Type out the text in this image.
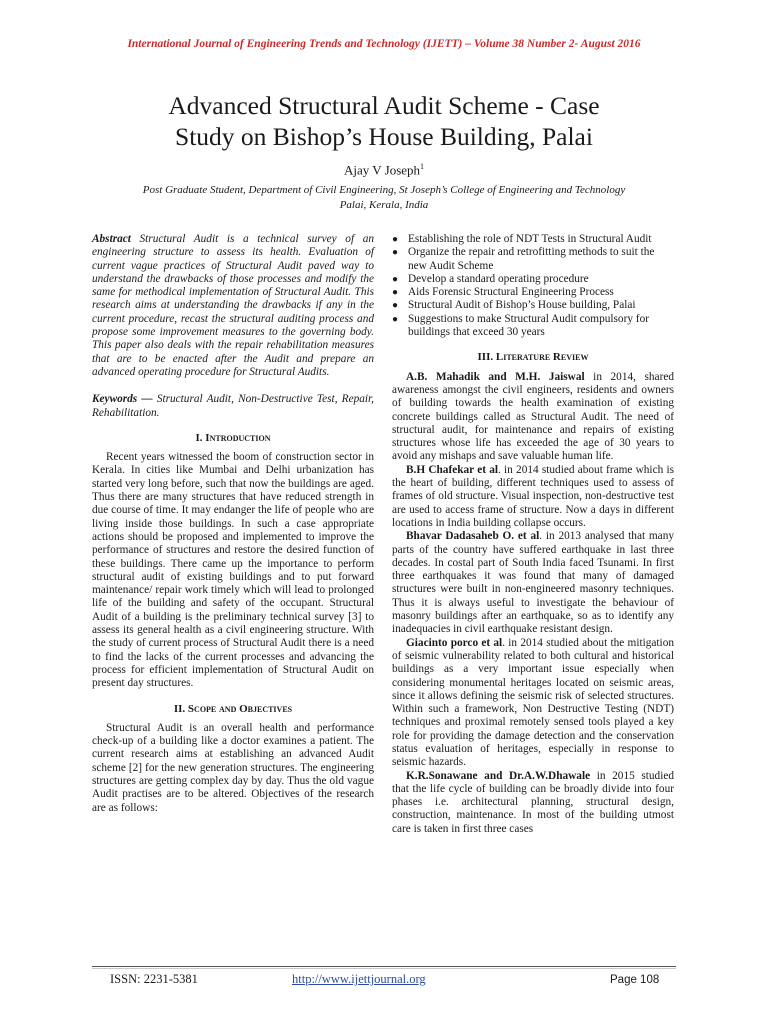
International Journal of Engineering Trends and Technology (IJETT) – Volume 38 Number 2- August 2016
Advanced Structural Audit Scheme - Case
Study on Bishop’s House Building, Palai
Ajay V Joseph$^1$
Post Graduate Student, Department of Civil Engineering, St Joseph’s College of Engineering and Technology
Palai, Kerala, India

Abstract Structural Audit is a technical survey of an engineering structure to assess its health. Evaluation of current vague practices of Structural Audit paved way to understand the drawbacks of those processes and modify the same for methodical implementation of Structural Audit. This research aims at understanding the drawbacks if any in the current procedure, recast the structural auditing process and propose some improvement measures to the governing body. This paper also deals with the repair rehabilitation measures that are to be enacted after the Audit and prepare an advanced operating procedure for Structural Audits.

Keywords — Structural Audit, Non-Destructive Test, Repair, Rehabilitation.

I. Introduction

Recent years witnessed the boom of construction sector in Kerala. In cities like Mumbai and Delhi urbanization has started very long before, such that now the buildings are aged. Thus there are many structures that have reduced strength in due course of time. It may endanger the life of people who are living inside those buildings. In such a case appropriate actions should be proposed and implemented to improve the performance of structures and restore the desired function of these buildings. There came up the importance to perform structural audit of existing buildings and to put forward maintenance/ repair work timely which will lead to prolonged life of the building and safety of the occupant. Structural Audit of a building is the preliminary technical survey [3] to assess its general health as a civil engineering structure. With the study of current process of Structural Audit there is a need to find the lacks of the current processes and advancing the process for efficient implementation of Structural Audit on present day structures.

II. Scope and Objectives

Structural Audit is an overall health and performance check-up of a building like a doctor examines a patient. The current research aims at establishing an advanced Audit scheme [2] for the new generation structures. The engineering structures are getting complex day by day. Thus the old vague Audit practises are to be altered. Objectives of the research are as follows:

● Establishing the role of NDT Tests in Structural Audit
● Organize the repair and retrofitting methods to suit the new Audit Scheme
● Develop a standard operating procedure
● Aids Forensic Structural Engineering Process
● Structural Audit of Bishop’s House building, Palai
● Suggestions to make Structural Audit compulsory for buildings that exceed 30 years
III. Literature Review

A.B. Mahadik and M.H. Jaiswal in 2014, shared awareness amongst the civil engineers, residents and owners of building towards the health examination of existing concrete buildings called as Structural Audit. The need of structural audit, for maintenance and repairs of existing structures whose life has exceeded the age of 30 years to avoid any mishaps and save valuable human life.

B.H Chafekar et al. in 2014 studied about frame which is the heart of building, different techniques used to assess of frames of old structure. Visual inspection, non-destructive test are used to access frame of structure. Now a days in different locations in India building collapse occurs.

Bhavar Dadasaheb O. et al. in 2013 analysed that many parts of the country have suffered earthquake in last three decades. In costal part of South India faced Tsunami. In first three earthquakes it was found that many of damaged structures were built in non-engineered masonry techniques. Thus it is always useful to investigate the behaviour of masonry buildings after an earthquake, so as to identify any inadequacies in civil earthquake resistant design.

Giacinto porco et al. in 2014 studied about the mitigation of seismic vulnerability related to both cultural and historical buildings as a very important issue especially when considering monumental heritages located on seismic areas, since it allows defining the seismic risk of selected structures. Within such a framework, Non Destructive Testing (NDT) techniques and proximal remotely sensed tools played a key role for providing the damage detection and the conservation status evaluation of heritages, especially in response to seismic hazards.

K.R.Sonawane and Dr.A.W.Dhawale in 2015 studied that the life cycle of building can be broadly divide into four phases i.e. architectural planning, structural design, construction, maintenance. In most of the building utmost care is taken in first three cases

ISSN: 2231-5381	http://www.ijettjournal.org	Page 108
